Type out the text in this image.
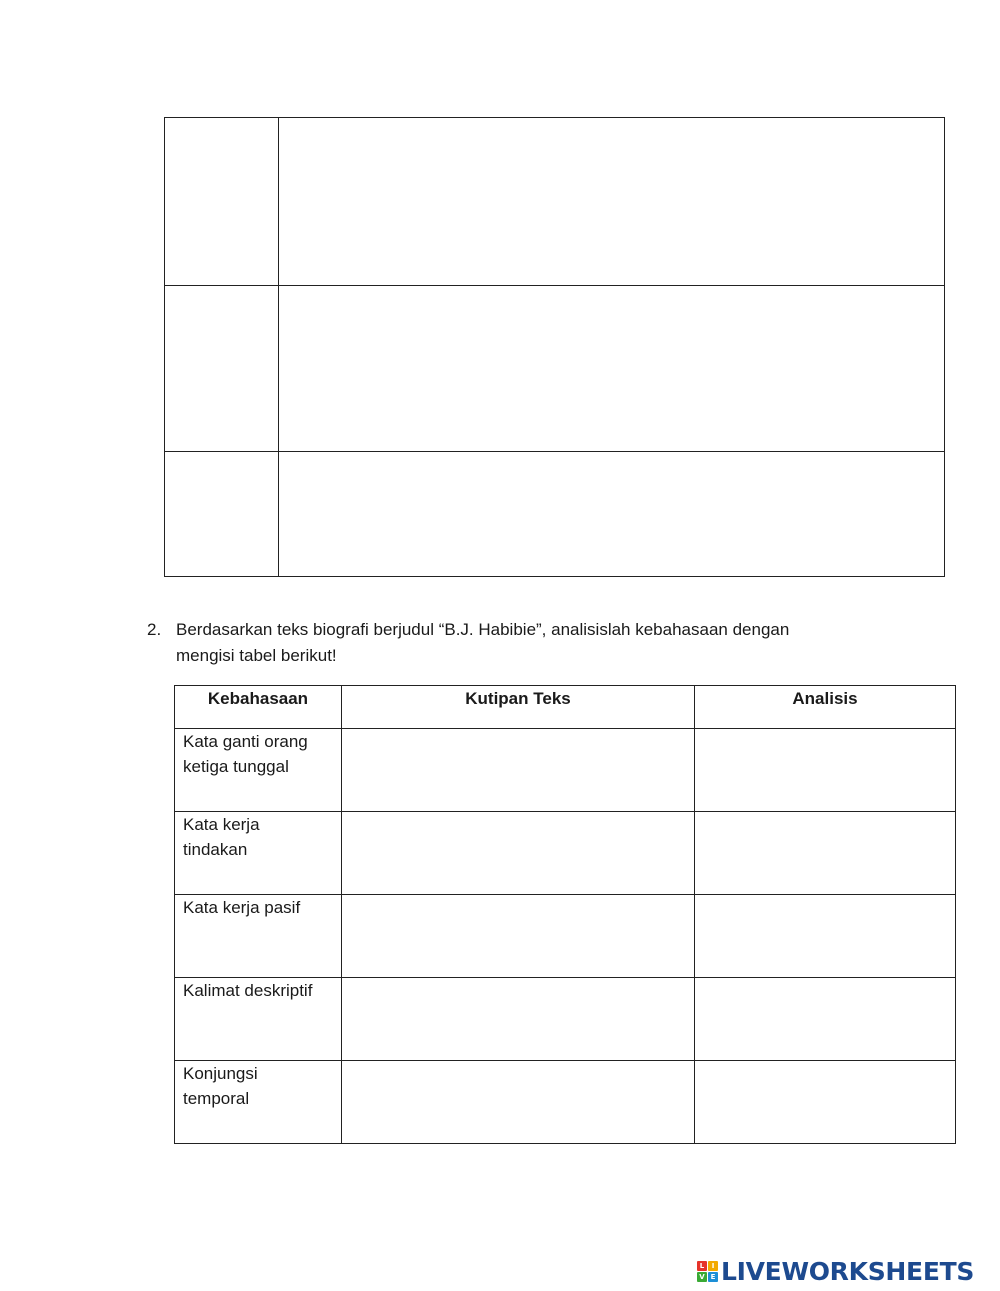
2. Berdasarkan teks biografi berjudul “B.J. Habibie”, analisislah kebahasaan dengan
mengisi tabel berikut!
Kebahasaan	Kutipan Teks	Analisis

Kata ganti orang
ketiga tunggal		

Kata kerja
tindakan		

Kata kerja pasif		

Kalimat deskriptif		

Konjungsi
temporal		

L	I
V E LIVEWORKSHEETS
